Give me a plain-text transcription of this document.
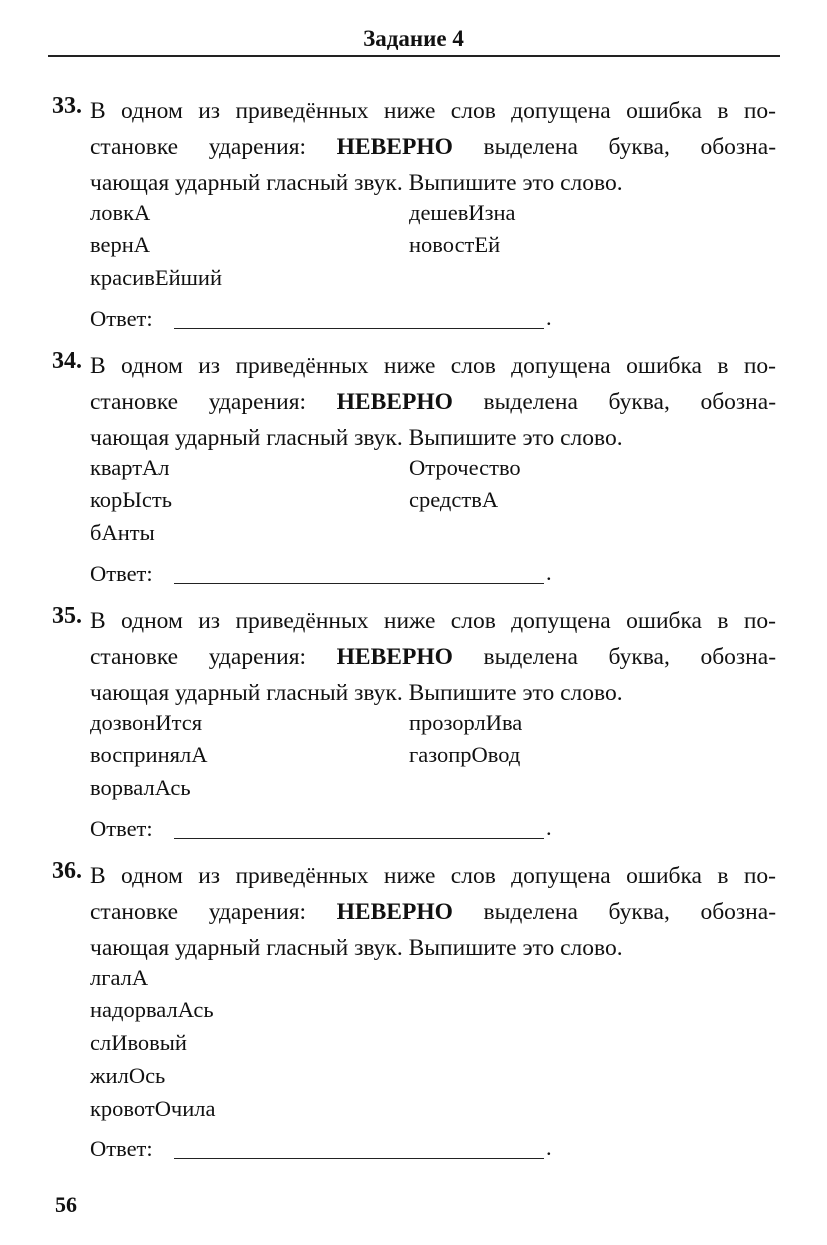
Задание 4
33. В одном из приведённых ниже слов допущена ошибка в по-
становке ударения: НЕВЕРНО выделена буква, обозна-
чающая ударный гласный звук. Выпишите это слово.
ловкА	дешевИзна
вернА	новостЕй
красивЕйший
Ответ:	.
34. В одном из приведённых ниже слов допущена ошибка в по-
становке ударения: НЕВЕРНО выделена буква, обозна-
чающая ударный гласный звук. Выпишите это слово.
квартАл	Отрочество
корЫсть	средствА
бАнты
Ответ:	.
35. В одном из приведённых ниже слов допущена ошибка в по-
становке ударения: НЕВЕРНО выделена буква, обозна-
чающая ударный гласный звук. Выпишите это слово.
дозвонИтся	прозорлИва
воспринялА	газопрОвод
ворвалАсь
Ответ:	.
36. В одном из приведённых ниже слов допущена ошибка в по-
становке ударения: НЕВЕРНО выделена буква, обозна-
чающая ударный гласный звук. Выпишите это слово.
лгалА
надорвалАсь
слИвовый
жилОсь
кровотОчила
Ответ:	.
56
